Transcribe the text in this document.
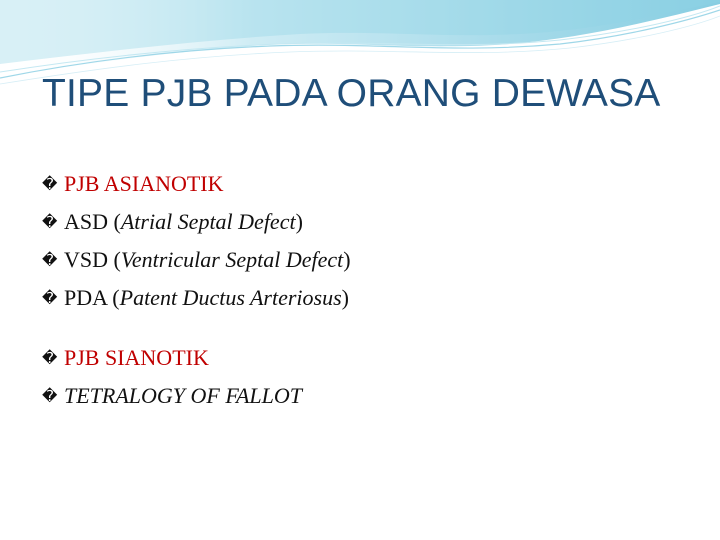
TIPE PJB PADA ORANG DEWASA
� PJB ASIANOTIK
� ASD (Atrial Septal Defect)
� VSD (Ventricular Septal Defect)
� PDA (Patent Ductus Arteriosus)
� PJB SIANOTIK
� TETRALOGY OF FALLOT
